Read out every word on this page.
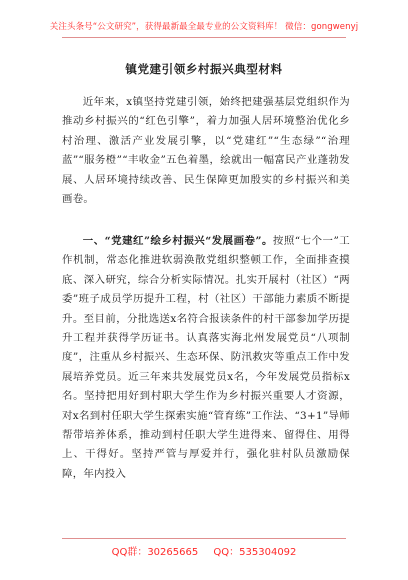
关注头条号“公文研究”，获得最新最全最专业的公文资料库！ 微信：gongwenyj
镇党建引领乡村振兴典型材料
近年来，x镇坚持党建引领，始终把建强基层党组织作为推动乡村振兴的“红色引擎”，着力加强人居环境整治优化乡村治理、激活产业发展引擎，以“党建红”“生态绿”“治理蓝”“服务橙”“丰收金”五色着墨，绘就出一幅富民产业蓬勃发展、人居环境持续改善、民生保障更加殷实的乡村振兴和美画卷。
一、“党建红”绘乡村振兴“发展画卷”。按照“七个一”工作机制，常态化推进软弱涣散党组织整顿工作，全面排查摸底、深入研究，综合分析实际情况。扎实开展村（社区）“两委”班子成员学历提升工程，村（社区）干部能力素质不断提升。至目前，分批选送x名符合报读条件的村干部参加学历提升工程并获得学历证书。认真落实海北州发展党员“八项制度”，注重从乡村振兴、生态环保、防汛救灾等重点工作中发展培养党员。近三年来共发展党员x名，今年发展党员指标x名。坚持把用好到村职大学生作为乡村振兴重要人才资源，对x名到村任职大学生探索实施“管育练”工作法、“3+1”导师帮带培养体系，推动到村任职大学生进得来、留得住、用得上、干得好。坚持严管与厚爱并行，强化驻村队员激励保障，年内投入
QQ群：30265665 QQ：535304092
